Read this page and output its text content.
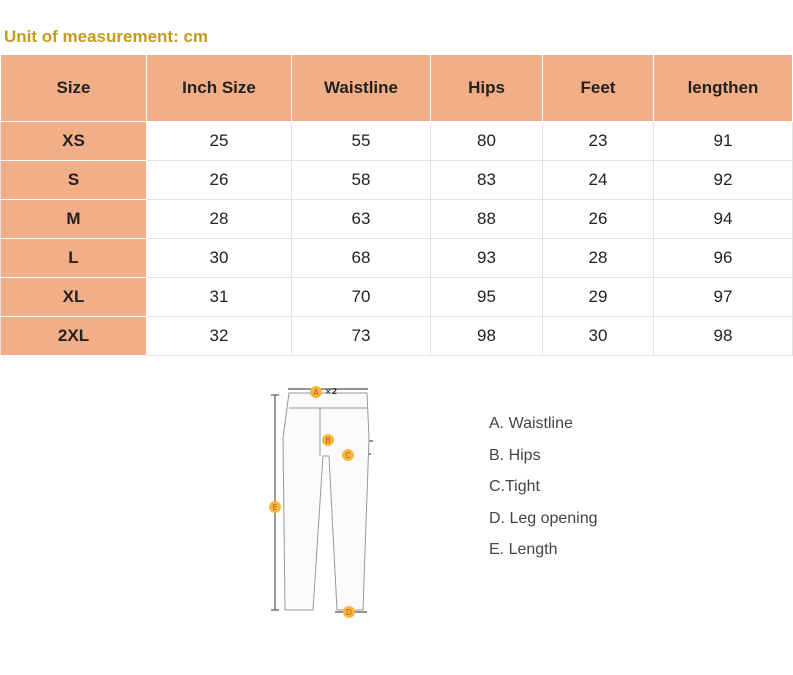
Unit of measurement: cm
Size	Inch Size	Waistline	Hips	Feet	lengthen
XS	25	55	80	23	91
S	26	58	83	24	92
M	28	63	88	26	94
L	30	68	93	28	96
XL	31	70	95	29	97
2XL	32	73	98	30	98
A ×2
B
C
D
E
A. Waistline
B. Hips
C.Tight
D. Leg opening
E. Length
